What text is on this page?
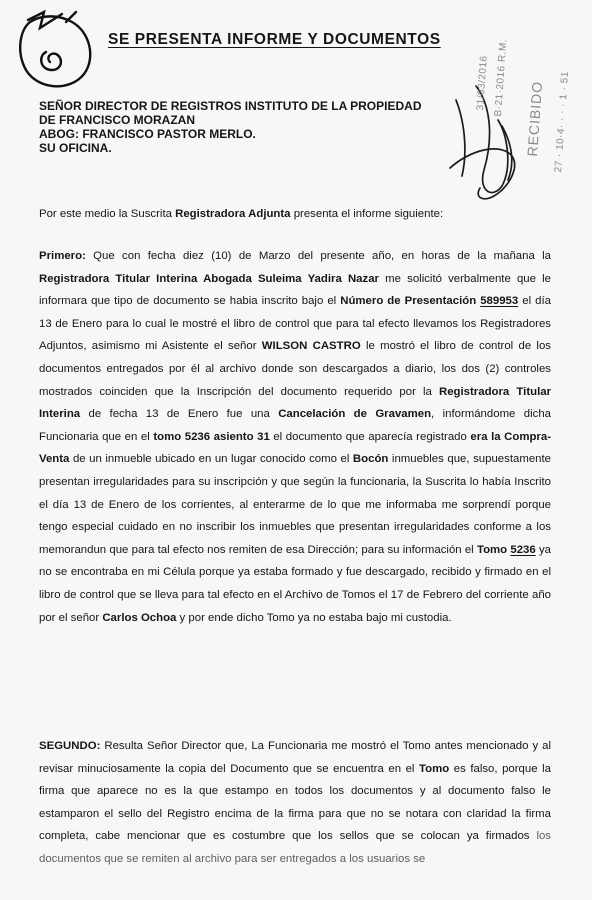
31/03/2016 B·21·2016 R.M.
RECIBIDO 27 · 10·4· · · · 1 · 51
SE PRESENTA INFORME Y DOCUMENTOS
SEÑOR DIRECTOR DE REGISTROS INSTITUTO DE LA PROPIEDAD
DE FRANCISCO MORAZAN
ABOG: FRANCISCO PASTOR MERLO.
SU OFICINA.
Por este medio la Suscrita Registradora Adjunta presenta el informe siguiente:
Primero: Que con fecha diez (10) de Marzo del presente año, en horas de la mañana la Registradora Titular Interina Abogada Suleima Yadira Nazar me solicitó verbalmente que le informara que tipo de documento se habia inscrito bajo el Número de Presentación 589953 el día 13 de Enero para lo cual le mostré el libro de control que para tal efecto llevamos los Registradores Adjuntos, asimismo mi Asistente el señor WILSON CASTRO le mostró el libro de control de los documentos entregados por él al archivo donde son descargados a diario, los dos (2) controles mostrados coinciden que la Inscripción del documento requerido por la Registradora Titular Interina de fecha 13 de Enero fue una Cancelación de Gravamen, informándome dicha Funcionaria que en el tomo 5236 asiento 31 el documento que aparecía registrado era la Compra-Venta de un inmueble ubicado en un lugar conocido como el Bocón inmuebles que, supuestamente presentan irregularidades para su inscripción y que según la funcionaria, la Suscrita lo había Inscrito el día 13 de Enero de los corrientes, al enterarme de lo que me informaba me sorprendí porque tengo especial cuidado en no inscribir los inmuebles que presentan irregularidades conforme a los memorandun que para tal efecto nos remiten de esa Dirección; para su información el Tomo 5236 ya no se encontraba en mi Célula porque ya estaba formado y fue descargado, recibido y firmado en el libro de control que se lleva para tal efecto en el Archivo de Tomos el 17 de Febrero del corriente año por el señor Carlos Ochoa y por ende dicho Tomo ya no estaba bajo mi custodia.
SEGUNDO: Resulta Señor Director que, La Funcionaria me mostró el Tomo antes mencionado y al revisar minuciosamente la copia del Documento que se encuentra en el Tomo es falso, porque la firma que aparece no es la que estampo en todos los documentos y al documento falso le estamparon el sello del Registro encima de la firma para que no se notara con claridad la firma completa, cabe mencionar que es costumbre que los sellos que se colocan ya firmados los documentos que se remiten al archivo para ser entregados a los usuarios se
